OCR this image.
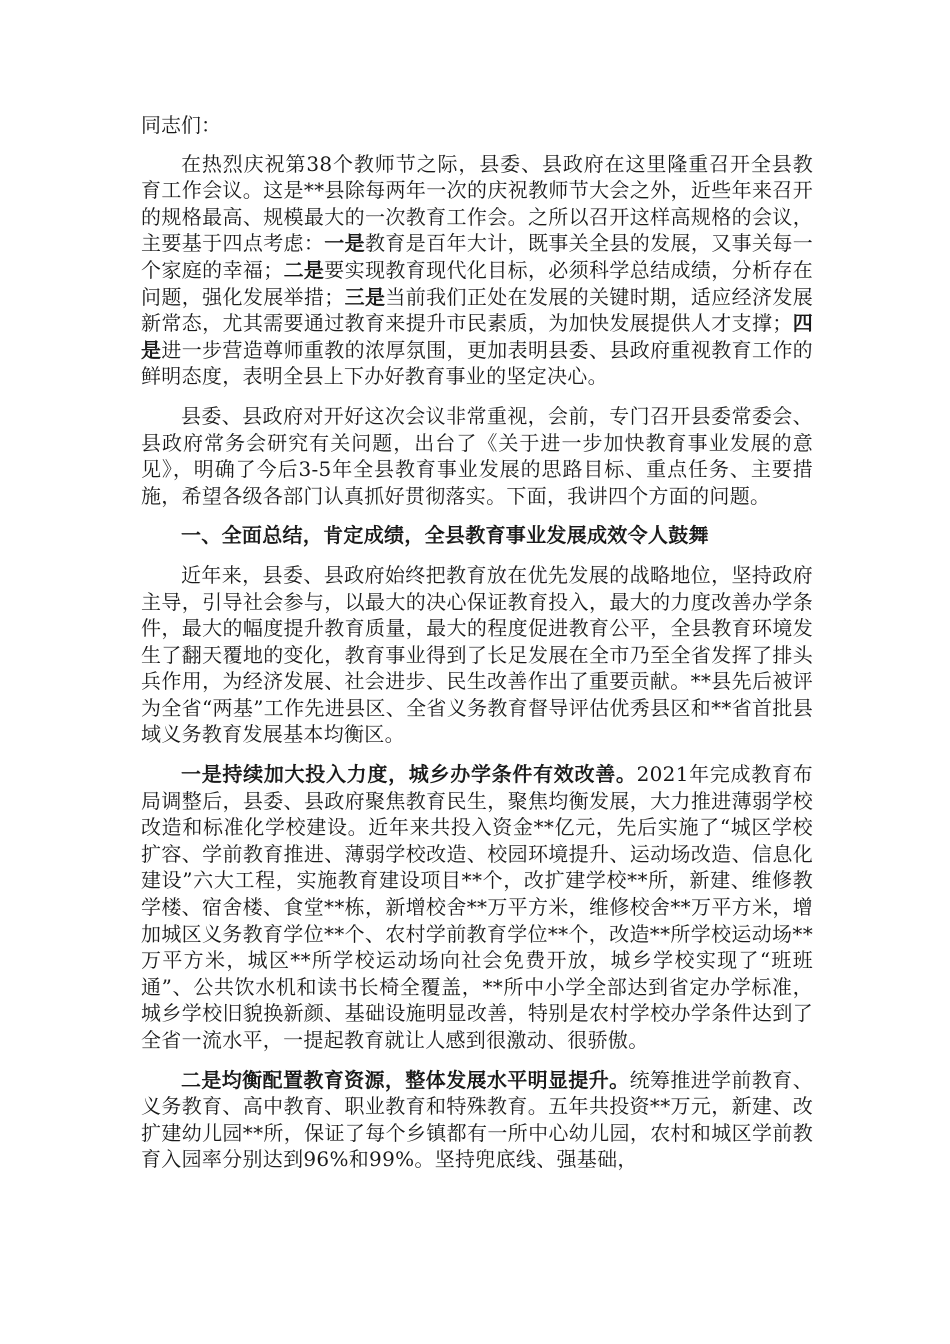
同志们：

在热烈庆祝第38个教师节之际，县委、县政府在这里隆重召开全县教育工作会议。这是**县除每两年一次的庆祝教师节大会之外，近些年来召开的规格最高、规模最大的一次教育工作会。之所以召开这样高规格的会议，主要基于四点考虑：一是教育是百年大计，既事关全县的发展，又事关每一个家庭的幸福；二是要实现教育现代化目标，必须科学总结成绩，分析存在问题，强化发展举措；三是当前我们正处在发展的关键时期，适应经济发展新常态，尤其需要通过教育来提升市民素质，为加快发展提供人才支撑；四是进一步营造尊师重教的浓厚氛围，更加表明县委、县政府重视教育工作的鲜明态度，表明全县上下办好教育事业的坚定决心。

县委、县政府对开好这次会议非常重视，会前，专门召开县委常委会、县政府常务会研究有关问题，出台了《关于进一步加快教育事业发展的意见》，明确了今后3-5年全县教育事业发展的思路目标、重点任务、主要措施，希望各级各部门认真抓好贯彻落实。下面，我讲四个方面的问题。

一、全面总结，肯定成绩，全县教育事业发展成效令人鼓舞

近年来，县委、县政府始终把教育放在优先发展的战略地位，坚持政府主导，引导社会参与，以最大的决心保证教育投入，最大的力度改善办学条件，最大的幅度提升教育质量，最大的程度促进教育公平，全县教育环境发生了翻天覆地的变化，教育事业得到了长足发展在全市乃至全省发挥了排头兵作用，为经济发展、社会进步、民生改善作出了重要贡献。**县先后被评为全省“两基”工作先进县区、全省义务教育督导评估优秀县区和**省首批县域义务教育发展基本均衡区。

一是持续加大投入力度，城乡办学条件有效改善。2021年完成教育布局调整后，县委、县政府聚焦教育民生，聚焦均衡发展，大力推进薄弱学校改造和标准化学校建设。近年来共投入资金**亿元，先后实施了“城区学校扩容、学前教育推进、薄弱学校改造、校园环境提升、运动场改造、信息化建设”六大工程，实施教育建设项目**个，改扩建学校**所，新建、维修教学楼、宿舍楼、食堂**栋，新增校舍**万平方米，维修校舍**万平方米，增加城区义务教育学位**个、农村学前教育学位**个，改造**所学校运动场**万平方米，城区**所学校运动场向社会免费开放，城乡学校实现了“班班通”、公共饮水机和读书长椅全覆盖，**所中小学全部达到省定办学标准，城乡学校旧貌换新颜、基础设施明显改善，特别是农村学校办学条件达到了全省一流水平，一提起教育就让人感到很激动、很骄傲。

二是均衡配置教育资源，整体发展水平明显提升。统筹推进学前教育、义务教育、高中教育、职业教育和特殊教育。五年共投资**万元，新建、改扩建幼儿园**所，保证了每个乡镇都有一所中心幼儿园，农村和城区学前教育入园率分别达到96%和99%。坚持兜底线、强基础，
